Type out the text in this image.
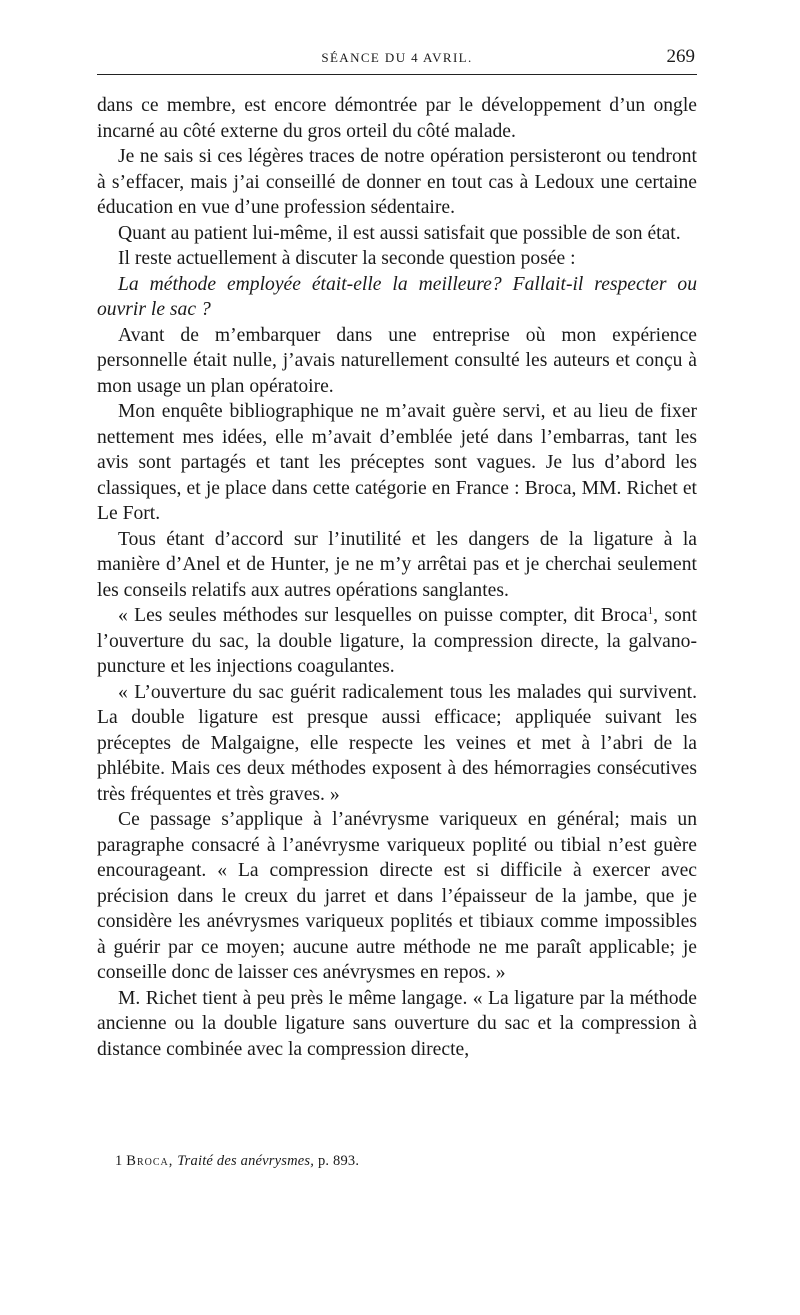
SÉANCE DU 4 AVRIL.	269

dans ce membre, est encore démontrée par le développement d’un ongle incarné au côté externe du gros orteil du côté malade.

Je ne sais si ces légères traces de notre opération persisteront ou tendront à s’effacer, mais j’ai conseillé de donner en tout cas à Ledoux une certaine éducation en vue d’une profession sédentaire.

Quant au patient lui-même, il est aussi satisfait que possible de son état.

Il reste actuellement à discuter la seconde question posée :

La méthode employée était-elle la meilleure? Fallait-il respecter ou ouvrir le sac ?

Avant de m’embarquer dans une entreprise où mon expérience personnelle était nulle, j’avais naturellement consulté les auteurs et conçu à mon usage un plan opératoire.

Mon enquête bibliographique ne m’avait guère servi, et au lieu de fixer nettement mes idées, elle m’avait d’emblée jeté dans l’embarras, tant les avis sont partagés et tant les préceptes sont vagues. Je lus d’abord les classiques, et je place dans cette catégorie en France : Broca, MM. Richet et Le Fort.

Tous étant d’accord sur l’inutilité et les dangers de la ligature à la manière d’Anel et de Hunter, je ne m’y arrêtai pas et je cherchai seulement les conseils relatifs aux autres opérations sanglantes.

« Les seules méthodes sur lesquelles on puisse compter, dit Broca$^1$, sont l’ouverture du sac, la double ligature, la compression directe, la galvano-puncture et les injections coagulantes.

« L’ouverture du sac guérit radicalement tous les malades qui survivent. La double ligature est presque aussi efficace; appliquée suivant les préceptes de Malgaigne, elle respecte les veines et met à l’abri de la phlébite. Mais ces deux méthodes exposent à des hémorragies consécutives très fréquentes et très graves. »

Ce passage s’applique à l’anévrysme variqueux en général; mais un paragraphe consacré à l’anévrysme variqueux poplité ou tibial n’est guère encourageant. « La compression directe est si difficile à exercer avec précision dans le creux du jarret et dans l’épaisseur de la jambe, que je considère les anévrysmes variqueux poplités et tibiaux comme impossibles à guérir par ce moyen; aucune autre méthode ne me paraît applicable; je conseille donc de laisser ces anévrysmes en repos. »

M. Richet tient à peu près le même langage. « La ligature par la méthode ancienne ou la double ligature sans ouverture du sac et la compression à distance combinée avec la compression directe,

1 Broca, Traité des anévrysmes, p. 893.
